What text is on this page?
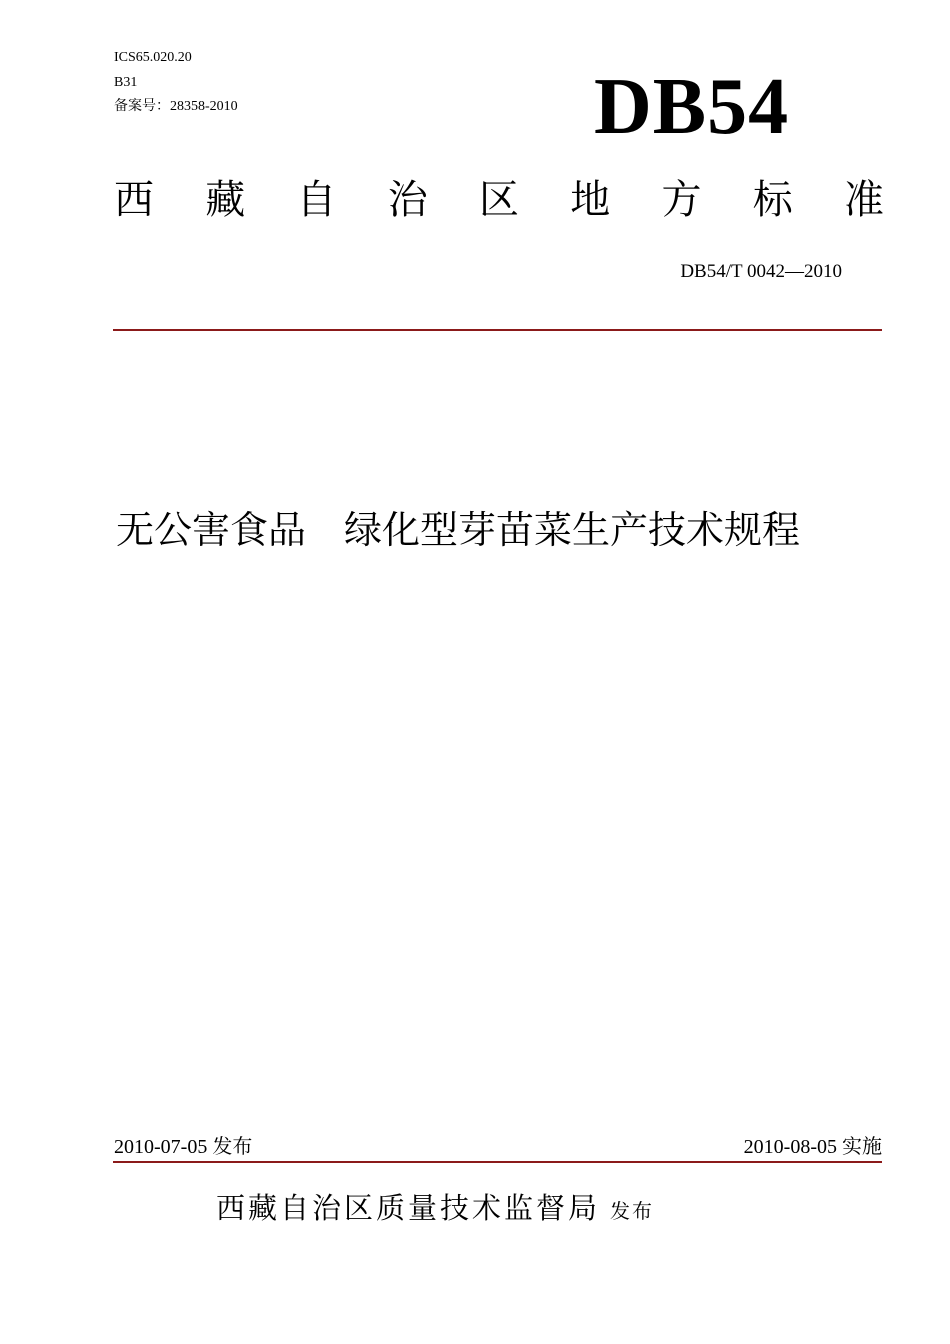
ICS65.020.20
B31
备案号：28358-2010	DB54
西 藏 自 治 区 地 方 标 准
DB54/T 0042—2010
无公害食品　绿化型芽苗菜生产技术规程
2010-07-05 发布	2010-08-05 实施
西藏自治区质量技术监督局 发布
